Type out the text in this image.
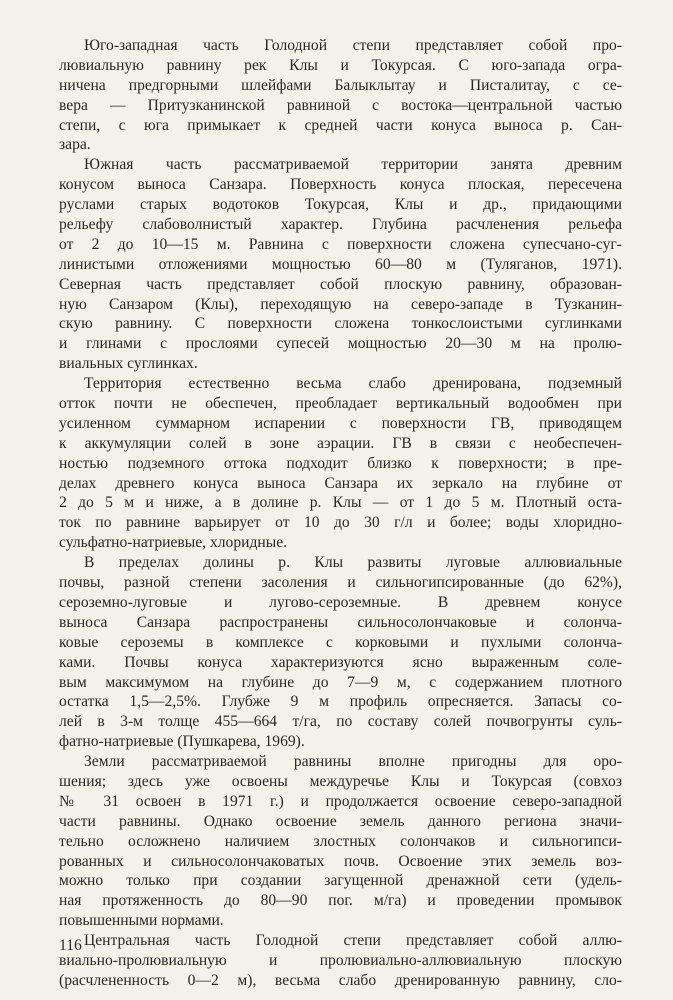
Юго-западная часть Голодной степи представляет собой про-
лювиальную равнину рек Клы и Токурсая. С юго-запада огра-
ничена предгорными шлейфами Балыклытау и Писталитау, с се-
вера — Притузканинской равниной с востока—центральной частью
степи, с юга примыкает к средней части конуса выноса р. Сан-
зара.
Южная часть рассматриваемой территории занята древним
конусом выноса Санзара. Поверхность конуса плоская, пересечена
руслами старых водотоков Токурсая, Клы и др., придающими
рельефу слабоволнистый характер. Глубина расчленения рельефа
от 2 до 10—15 м. Равнина с поверхности сложена супесчано-суг-
линистыми отложениями мощностью 60—80 м (Туляганов, 1971).
Северная часть представляет собой плоскую равнину, образован-
ную Санзаром (Клы), переходящую на северо-западе в Тузканин-
скую равнину. С поверхности сложена тонкослоистыми суглинками
и глинами с прослоями супесей мощностью 20—30 м на пролю-
виальных суглинках.
Территория естественно весьма слабо дренирована, подземный
отток почти не обеспечен, преобладает вертикальный водообмен при
усиленном суммарном испарении с поверхности ГВ, приводящем
к аккумуляции солей в зоне аэрации. ГВ в связи с необеспечен-
ностью подземного оттока подходит близко к поверхности; в пре-
делах древнего конуса выноса Санзара их зеркало на глубине от
2 до 5 м и ниже, а в долине р. Клы — от 1 до 5 м. Плотный оста-
ток по равнине варьирует от 10 до 30 г/л и более; воды хлоридно-
сульфатно-натриевые, хлоридные.
В пределах долины р. Клы развиты луговые аллювиальные
почвы, разной степени засоления и сильногипсированные (до 62%),
сероземно-луговые и лугово-сероземные. В древнем конусе
выноса Санзара распространены сильносолончаковые и солонча-
ковые сероземы в комплексе с корковыми и пухлыми солонча-
ками. Почвы конуса характеризуются ясно выраженным соле-
вым максимумом на глубине до 7—9 м, с содержанием плотного
остатка 1,5—2,5%. Глубже 9 м профиль опресняется. Запасы со-
лей в 3-м толще 455—664 т/га, по составу солей почвогрунты суль-
фатно-натриевые (Пушкарева, 1969).
Земли рассматриваемой равнины вполне пригодны для оро-
шения; здесь уже освоены междуречье Клы и Токурсая (совхоз
№ 31 освоен в 1971 г.) и продолжается освоение северо-западной
части равнины. Однако освоение земель данного региона значи-
тельно осложнено наличием злостных солончаков и сильногипси-
рованных и сильносолончаковатых почв. Освоение этих земель воз-
можно только при создании загущенной дренажной сети (удель-
ная протяженность до 80—90 пог. м/га) и проведении промывок
повышенными нормами.
Центральная часть Голодной степи представляет собой аллю-
виально-пролювиальную и пролювиально-аллювиальную плоскую
(расчлененность 0—2 м), весьма слабо дренированную равнину, сло-
116
